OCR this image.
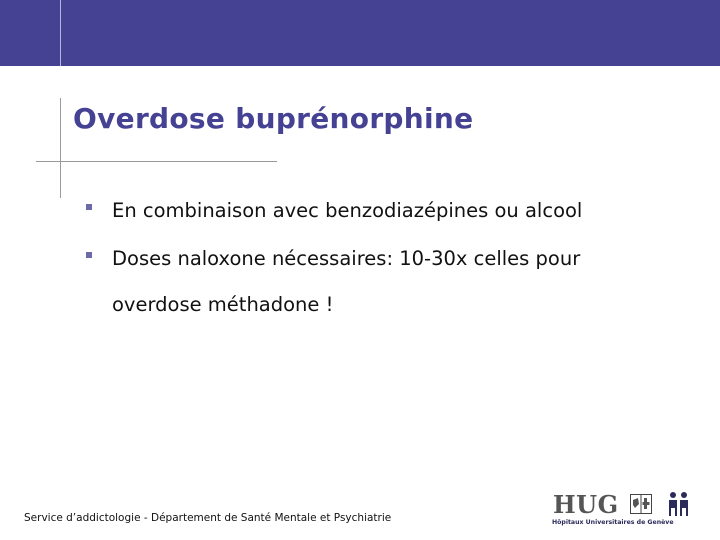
Overdose buprénorphine
En combinaison avec benzodiazépines ou alcool
Doses naloxone nécessaires: 10-30x celles pour overdose méthadone !
Service d’addictologie - Département de Santé Mentale et Psychiatrie	HUG
Hôpitaux Universitaires de Genève
